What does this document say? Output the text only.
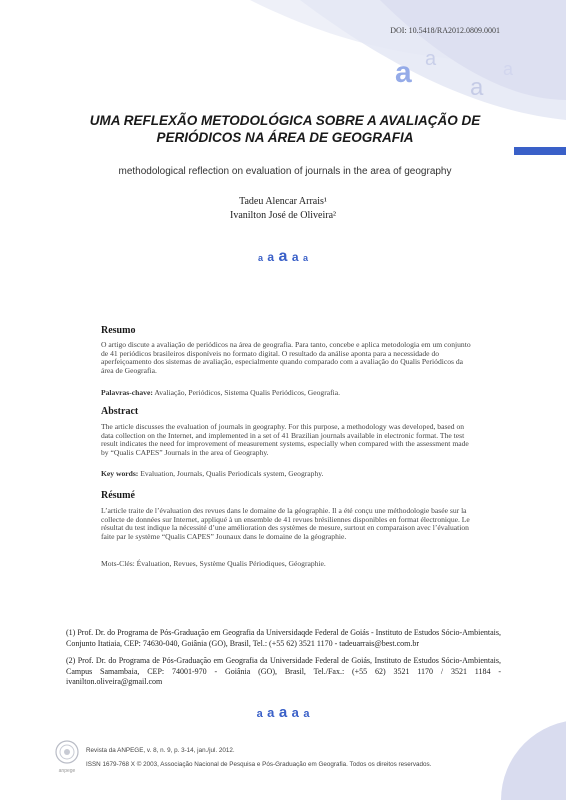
a a
a
a
DOI: 10.5418/RA2012.0809.0001
UMA REFLEXÃO METODOLÓGICA SOBRE A AVALIAÇÃO DE
PERIÓDICOS NA ÁREA DE GEOGRAFIA
methodological reflection on evaluation of journals in the area of geography
Tadeu Alencar Arrais¹
Ivanilton José de Oliveira²
a a a a a
Resumo

O artigo discute a avaliação de periódicos na área de geografia. Para tanto, concebe e aplica metodologia em um conjunto de 41 periódicos brasileiros disponíveis no formato digital. O resultado da análise aponta para a necessidade do aperfeiçoamento dos sistemas de avaliação, especialmente quando comparado com a avaliação do Qualis Periódicos da área de Geografia.

Palavras-chave: Avaliação, Periódicos, Sistema Qualis Periódicos, Geografia.

Abstract

The article discusses the evaluation of journals in geography. For this purpose, a methodology was developed, based on data collection on the Internet, and implemented in a set of 41 Brazilian journals available in electronic format. The test result indicates the need for improvement of measurement systems, especially when compared with the assessment made by “Qualis CAPES” Journals in the area of Geography.

Key words: Evaluation, Journals, Qualis Periodicals system, Geography.

Résumé

L’article traite de l’évaluation des revues dans le domaine de la géographie. Il a été conçu une méthodologie basée sur la collecte de données sur Internet, appliqué à un ensemble de 41 revues brésiliennes disponibles en format électronique. Le résultat du test indique la nécessité d’une amélioration des systèmes de mesure, surtout en comparaison avec l’évaluation faite par le système “Qualis CAPES” Jounaux dans le domaine de la géographie.

Mots-Clés: Évaluation, Revues, Système Qualis Périodiques, Géographie.

(1) Prof. Dr. do Programa de Pós-Graduação em Geografia da Universidaqde Federal de Goiás - Instituto de Estudos Sócio-Ambientais, Conjunto Itatiaia, CEP: 74630-040, Goiânia (GO), Brasil, Tel.: (+55 62) 3521 1170 - tadeuarrais@best.com.br

(2) Prof. Dr. do Programa de Pós-Graduação em Geografia da Universidade Federal de Goiás, Instituto de Estudos Sócio-Ambientais, Campus Samambaia, CEP: 74001-970 - Goiânia (GO), Brasil, Tel./Fax.: (+55 62) 3521 1170 / 3521 1184 - ivanilton.oliveira@gmail.com

a a a a a
anpege
Revista da ANPEGE, v. 8, n. 9, p. 3-14, jan./jul. 2012.
ISSN 1679-768 X © 2003, Associação Nacional de Pesquisa e Pós-Graduação em Geografia. Todos os direitos reservados.
